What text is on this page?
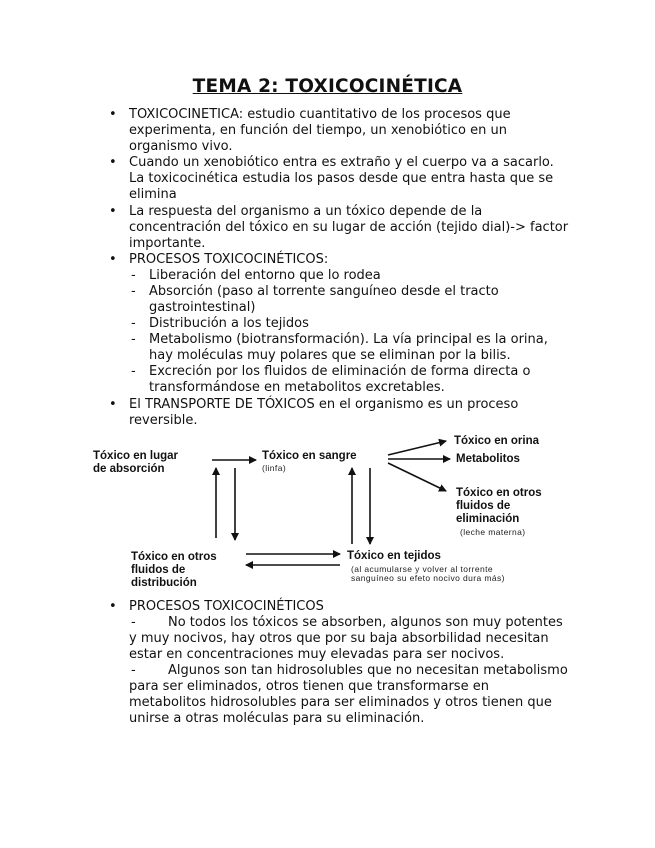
TEMA 2: TOXICOCINÉTICA
• TOXICOCINETICA: estudio cuantitativo de los procesos que
experimenta, en función del tiempo, un xenobiótico en un
organismo vivo.
• Cuando un xenobiótico entra es extraño y el cuerpo va a sacarlo.
La toxicocinética estudia los pasos desde que entra hasta que se
elimina
• La respuesta del organismo a un tóxico depende de la
concentración del tóxico en su lugar de acción (tejido dial)-> factor
importante.
• PROCESOS TOXICOCINÉTICOS:
- Liberación del entorno que lo rodea
- Absorción (paso al torrente sanguíneo desde el tracto
gastrointestinal)
- Distribución a los tejidos
- Metabolismo (biotransformación). La vía principal es la orina,
hay moléculas muy polares que se eliminan por la bilis.
- Excreción por los fluidos de eliminación de forma directa o
transformándose en metabolitos excretables.
• El TRANSPORTE DE TÓXICOS en el organismo es un proceso
reversible.
Tóxico en lugar
de absorción
Tóxico en sangre
(linfa)
Tóxico en orina
Metabolitos
Tóxico en otros
fluidos de
eliminación
(leche materna)
Tóxico en otros
fluidos de
distribución
Tóxico en tejidos
(al acumularse y volver al torrente
sanguíneo su efeto nocivo dura más)
• PROCESOS TOXICOCINÉTICOS
- No todos los tóxicos se absorben, algunos son muy potentes
y muy nocivos, hay otros que por su baja absorbilidad necesitan
estar en concentraciones muy elevadas para ser nocivos.
- Algunos son tan hidrosolubles que no necesitan metabolismo
para ser eliminados, otros tienen que transformarse en
metabolitos hidrosolubles para ser eliminados y otros tienen que
unirse a otras moléculas para su eliminación.
